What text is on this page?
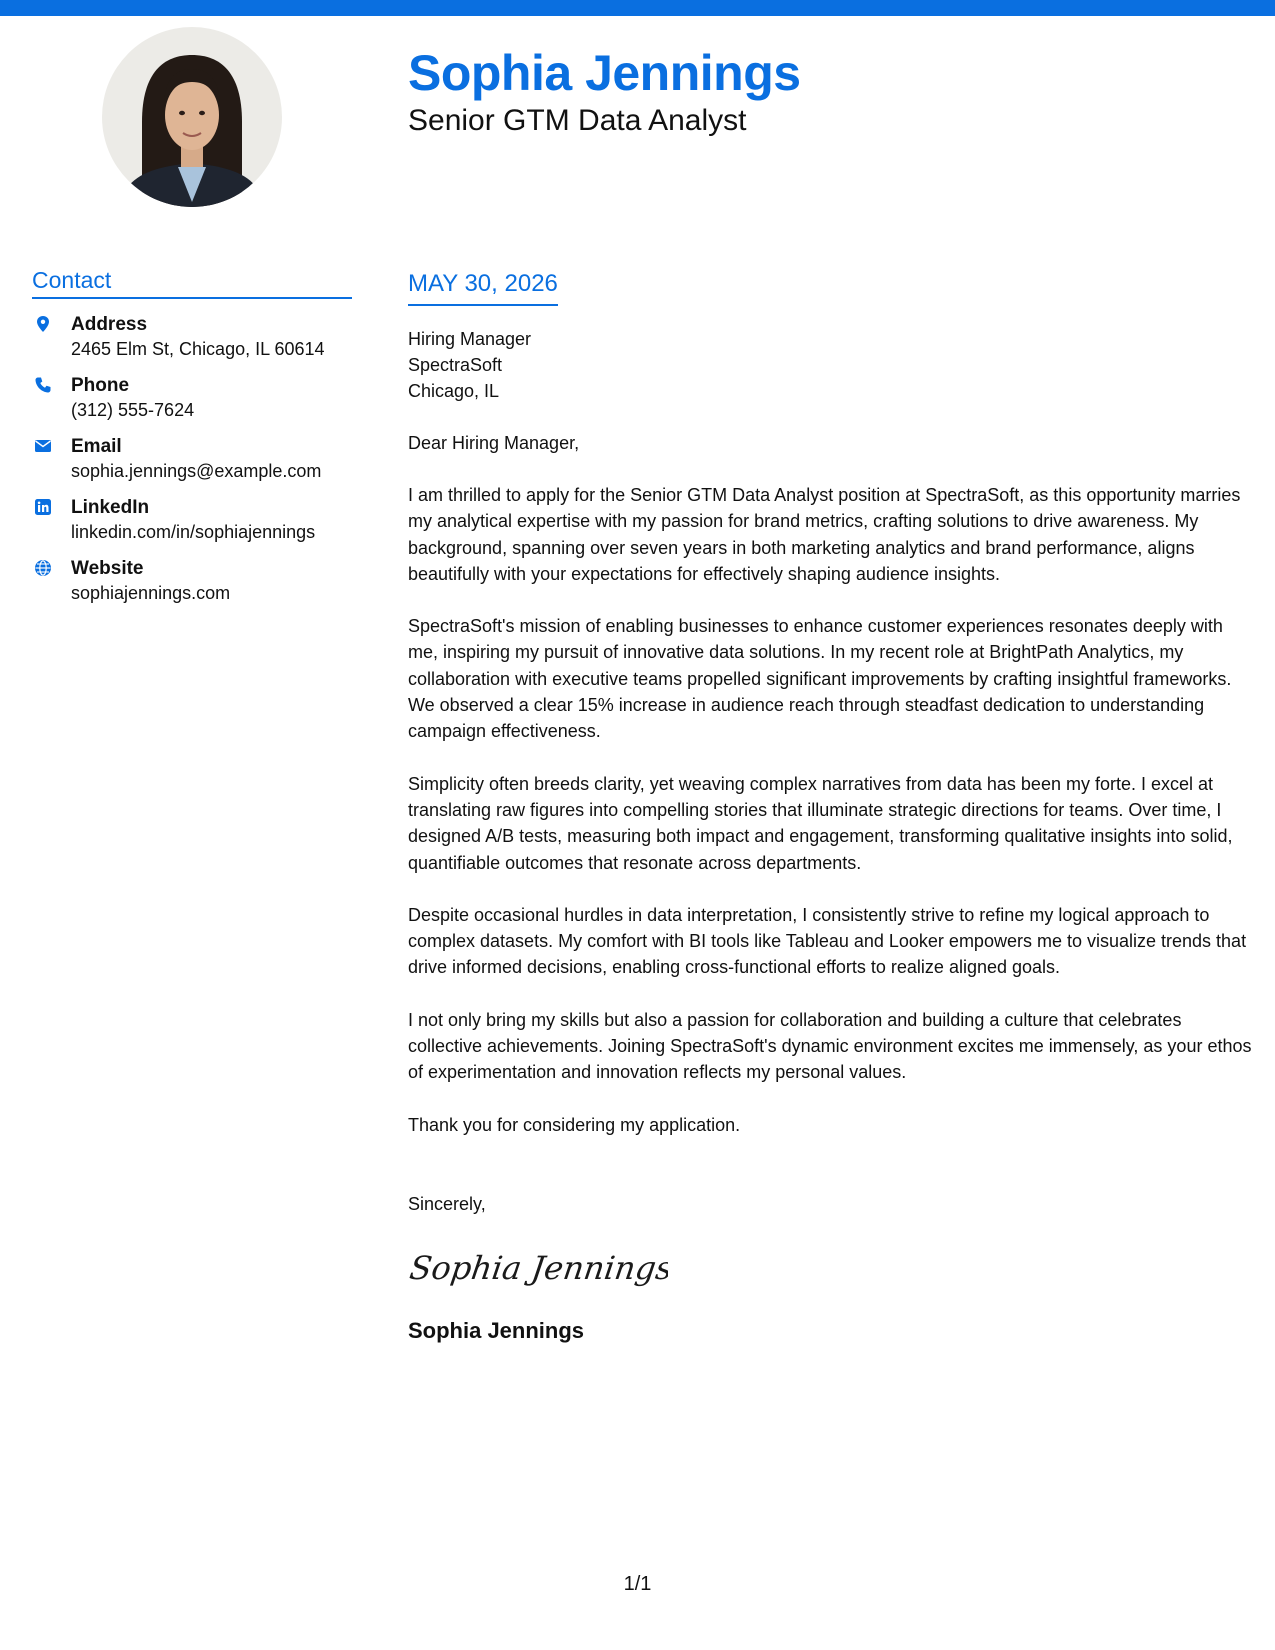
Sophia Jennings
Senior GTM Data Analyst
Contact
Address
2465 Elm St, Chicago, IL 60614
Phone
(312) 555-7624
Email
sophia.jennings@example.com
LinkedIn
linkedin.com/in/sophiajennings
Website
sophiajennings.com
MAY 30, 2026
Hiring Manager
SpectraSoft
Chicago, IL
Dear Hiring Manager,

I am thrilled to apply for the Senior GTM Data Analyst position at SpectraSoft, as this opportunity marries my analytical expertise with my passion for brand metrics, crafting solutions to drive awareness. My background, spanning over seven years in both marketing analytics and brand performance, aligns beautifully with your expectations for effectively shaping audience insights.

SpectraSoft's mission of enabling businesses to enhance customer experiences resonates deeply with me, inspiring my pursuit of innovative data solutions. In my recent role at BrightPath Analytics, my collaboration with executive teams propelled significant improvements by crafting insightful frameworks. We observed a clear 15% increase in audience reach through steadfast dedication to understanding campaign effectiveness.

Simplicity often breeds clarity, yet weaving complex narratives from data has been my forte. I excel at translating raw figures into compelling stories that illuminate strategic directions for teams. Over time, I designed A/B tests, measuring both impact and engagement, transforming qualitative insights into solid, quantifiable outcomes that resonate across departments.

Despite occasional hurdles in data interpretation, I consistently strive to refine my logical approach to complex datasets. My comfort with BI tools like Tableau and Looker empowers me to visualize trends that drive informed decisions, enabling cross-functional efforts to realize aligned goals.

I not only bring my skills but also a passion for collaboration and building a culture that celebrates collective achievements. Joining SpectraSoft's dynamic environment excites me immensely, as your ethos of experimentation and innovation reflects my personal values.

Thank you for considering my application.

Sincerely,
Sophia Jennings
Sophia Jennings
1/1
